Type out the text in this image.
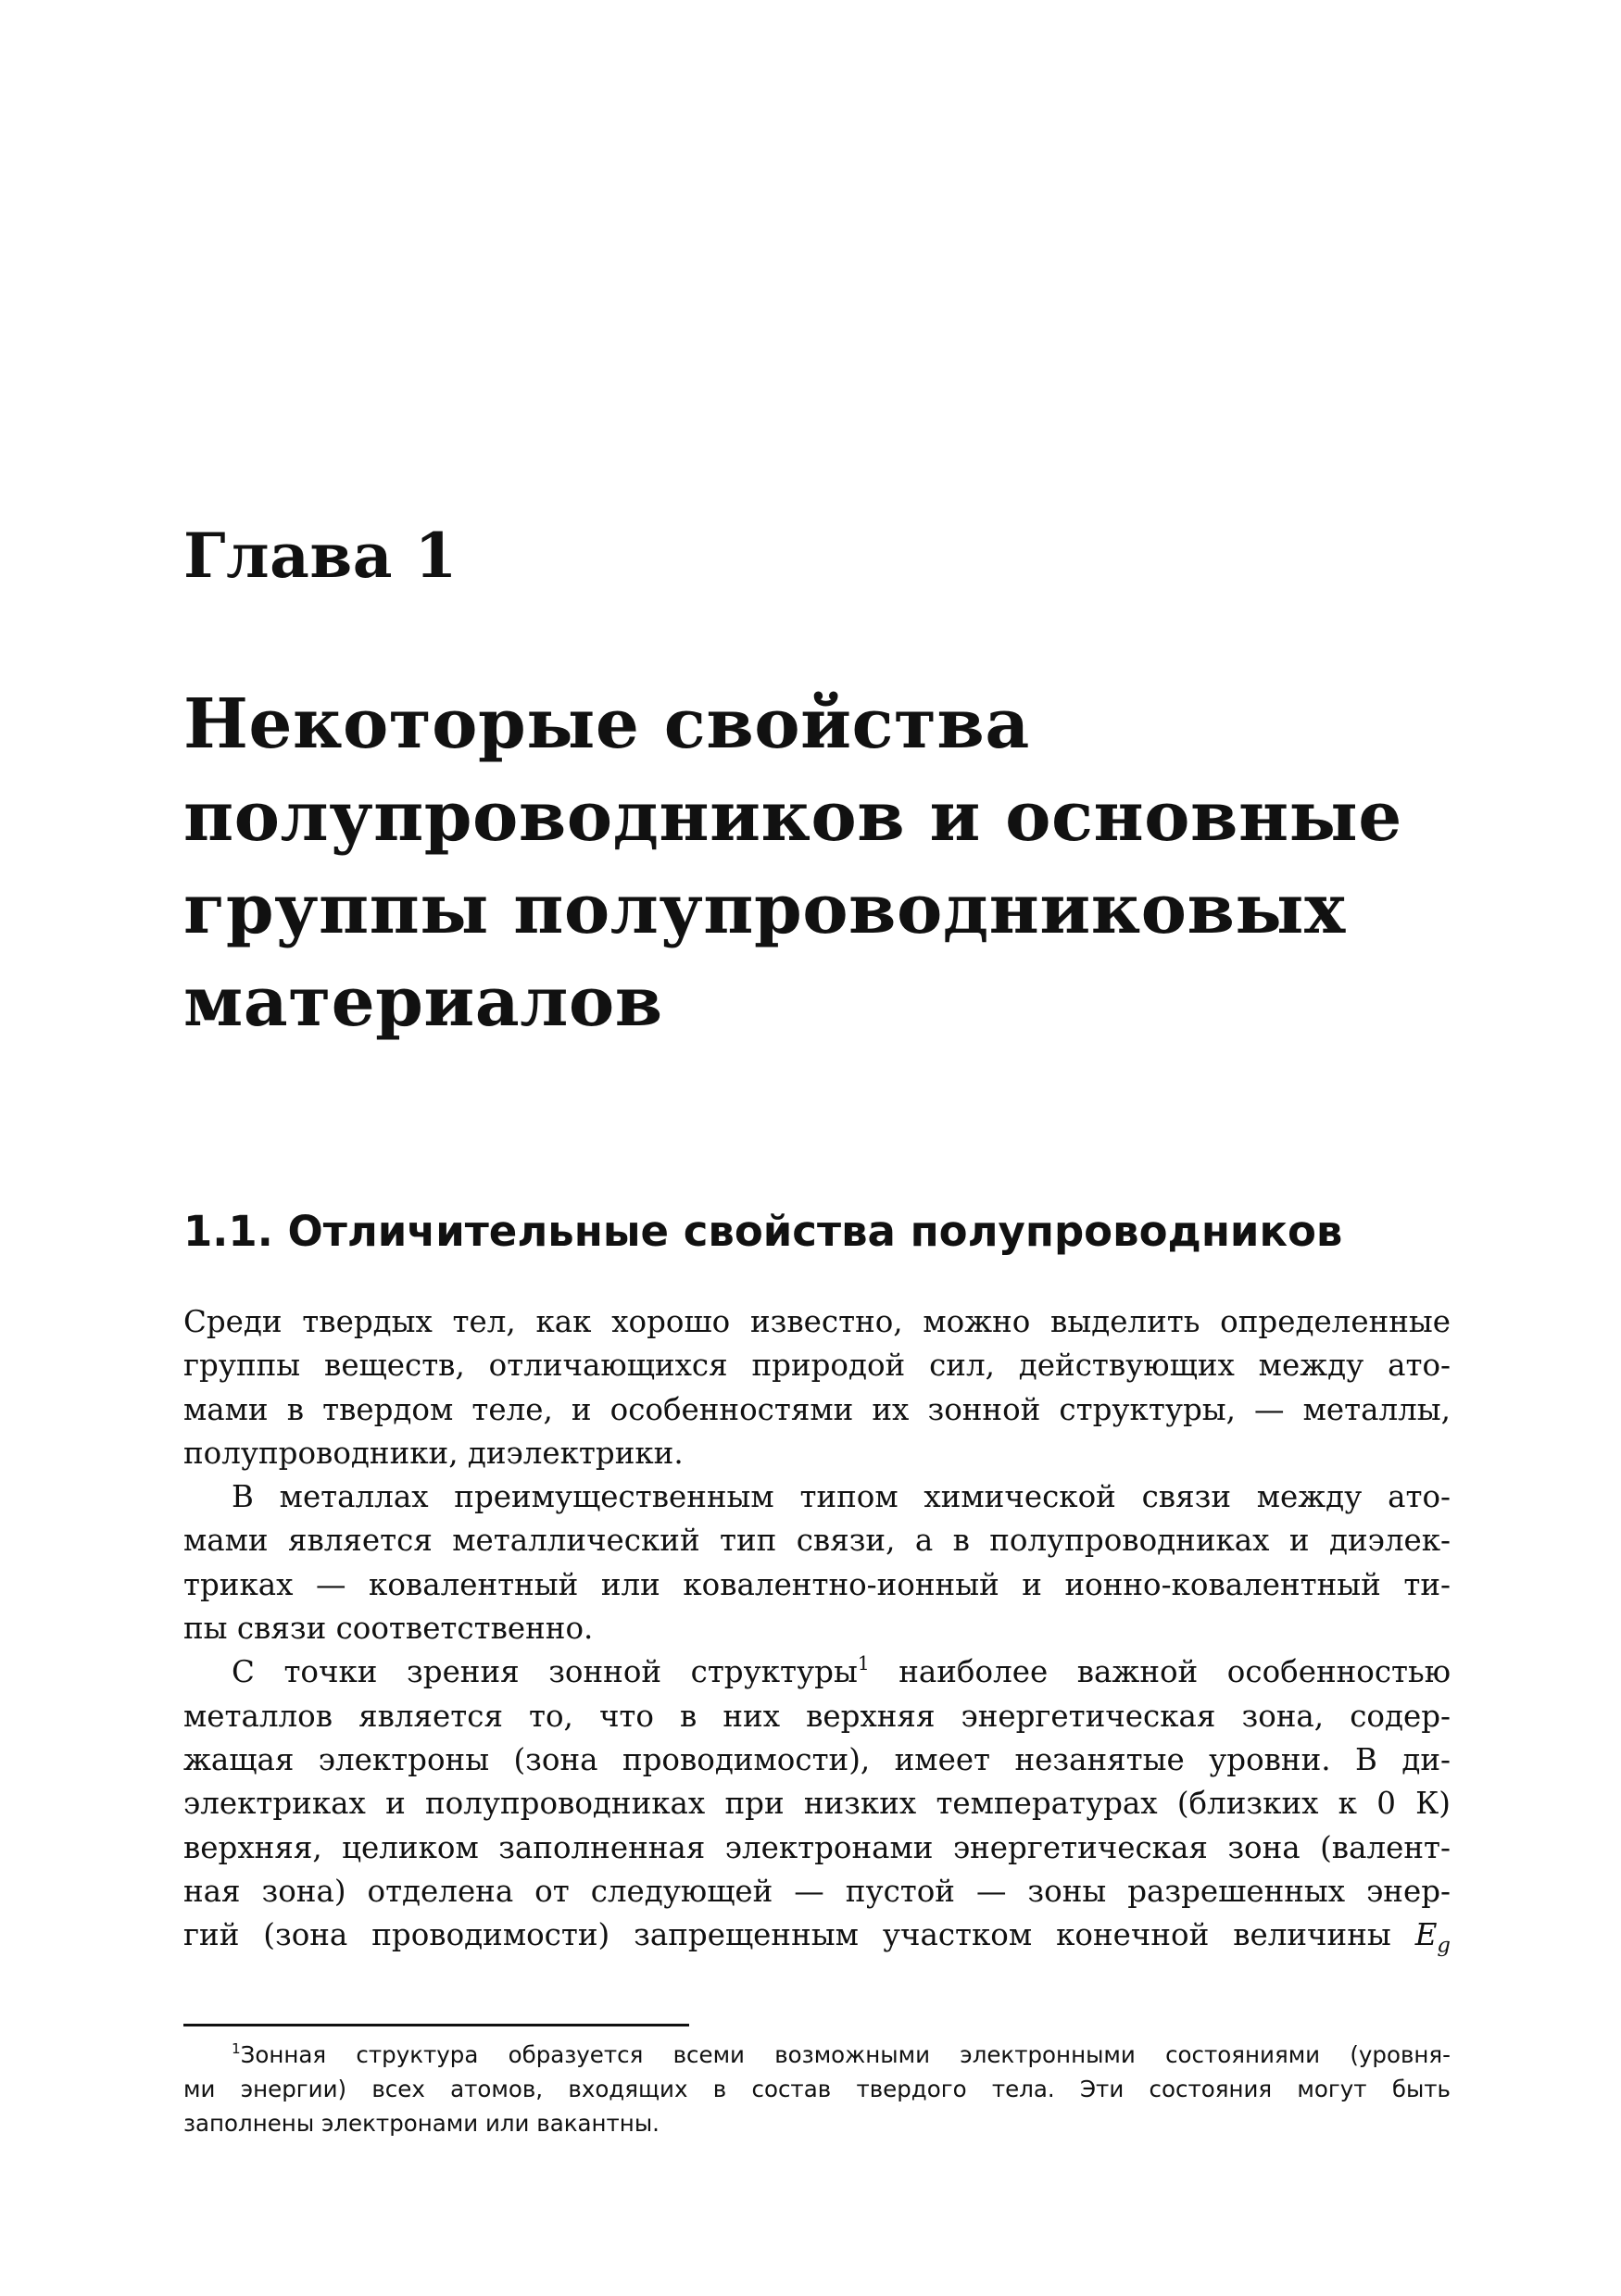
Глава 1
Некоторые свойства
полупроводников и основные
группы полупроводниковых
материалов
1.1. Отличительные свойства полупроводников

Среди твердых тел, как хорошо известно, можно выделить определенные
группы веществ, отличающихся природой сил, действующих между ато-
мами в твердом теле, и особенностями их зонной структуры, — металлы,
полупроводники, диэлектрики.

В металлах преимущественным типом химической связи между ато-
мами является металлический тип связи, а в полупроводниках и диэлек-
триках — ковалентный или ковалентно-ионный и ионно-ковалентный ти-
пы связи соответственно.

С точки зрения зонной структуры$^1$ наиболее важной особенностью
металлов является то, что в них верхняя энергетическая зона, содер-
жащая электроны (зона проводимости), имеет незанятые уровни. В ди-
электриках и полупроводниках при низких температурах (близких к 0 К)
верхняя, целиком заполненная электронами энергетическая зона (валент-
ная зона) отделена от следующей — пустой — зоны разрешенных энер-
гий (зона проводимости) запрещенным участком конечной величины $E_g$

$^1$Зонная структура образуется всеми возможными электронными состояниями (уровня-
ми энергии) всех атомов, входящих в состав твердого тела. Эти состояния могут быть
заполнены электронами или вакантны.
